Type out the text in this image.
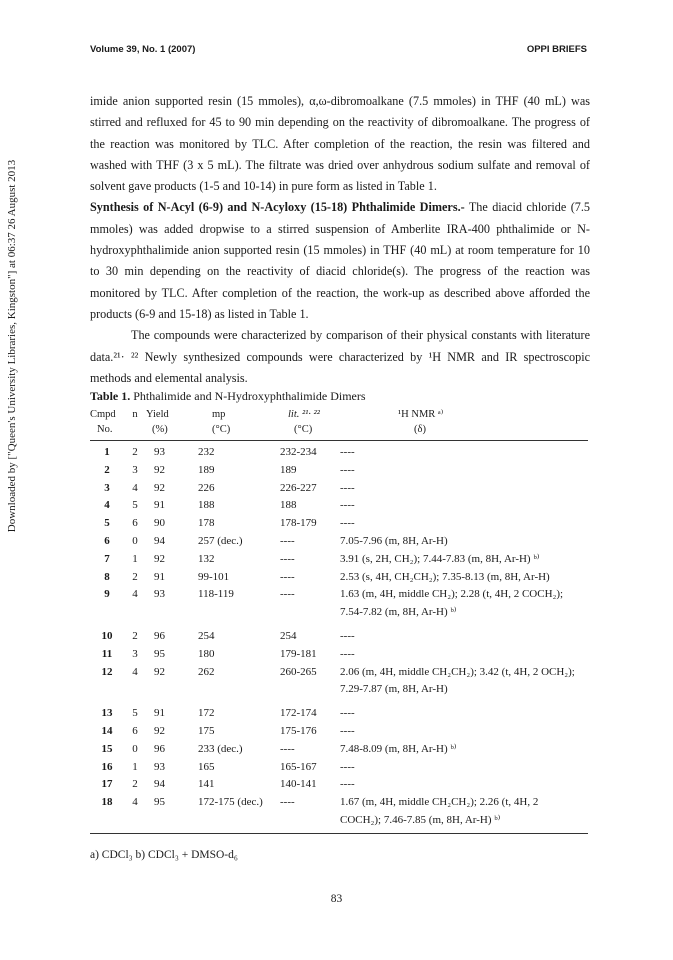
Volume 39, No. 1 (2007)	OPPI BRIEFS
Downloaded by ["Queen's University Libraries, Kingston"] at 06:37 26 August 2013

imide anion supported resin (15 mmoles), α,ω-dibromoalkane (7.5 mmoles) in THF (40 mL) was stirred and refluxed for 45 to 90 min depending on the reactivity of dibromoalkane. The progress of the reaction was monitored by TLC. After completion of the reaction, the resin was filtered and washed with THF (3 x 5 mL). The filtrate was dried over anhydrous sodium sulfate and removal of solvent gave products (1-5 and 10-14) in pure form as listed in Table 1.

Synthesis of N-Acyl (6-9) and N-Acyloxy (15-18) Phthalimide Dimers.- The diacid chloride (7.5 mmoles) was added dropwise to a stirred suspension of Amberlite IRA-400 phthalimide or N-hydroxyphthalimide anion supported resin (15 mmoles) in THF (40 mL) at room temperature for 10 to 30 min depending on the reactivity of diacid chloride(s). The progress of the reaction was monitored by TLC. After completion of the reaction, the work-up as described above afforded the products (6-9 and 15-18) as listed in Table 1.

The compounds were characterized by comparison of their physical constants with literature data.²¹· ²² Newly synthesized compounds were characterized by ¹H NMR and IR spectroscopic methods and elemental analysis.

Table 1. Phthalimide and N-Hydroxyphthalimide Dimers
Cmpd	n	Yield	mp	lit. ²¹· ²²	¹H NMR ᵃ⁾
No.		(%)	(°C)	(°C)	(δ)
1	2	93	232	232-234	----
2	3	92	189	189	----
3	4	92	226	226-227	----
4	5	91	188	188	----
5	6	90	178	178-179	----
6	0	94	257 (dec.)	----	7.05-7.96 (m, 8H, Ar-H)
7	1	92	132	----	3.91 (s, 2H, CH₂); 7.44-7.83 (m, 8H, Ar-H) ᵇ⁾
8	2	91	99-101	----	2.53 (s, 4H, CH₂CH₂); 7.35-8.13 (m, 8H, Ar-H)
9	4	93	118-119	----	1.63 (m, 4H, middle CH₂); 2.28 (t, 4H, 2 COCH₂);
7.54-7.82 (m, 8H, Ar-H) ᵇ⁾

10	2	96	254	254	----
11	3	95	180	179-181	----
12	4	92	262	260-265	2.06 (m, 4H, middle CH₂CH₂); 3.42 (t, 4H, 2 OCH₂);
7.29-7.87 (m, 8H, Ar-H)

13	5	91	172	172-174	----
14	6	92	175	175-176	----
15	0	96	233 (dec.)	----	7.48-8.09 (m, 8H, Ar-H) ᵇ⁾
16	1	93	165	165-167	----
17	2	94	141	140-141	----
18	4	95	172-175 (dec.)	----	1.67 (m, 4H, middle CH₂CH₂); 2.26 (t, 4H, 2
COCH₂); 7.46-7.85 (m, 8H, Ar-H) ᵇ⁾
a) CDCl₃ b) CDCl₃ + DMSO-d₆
83
